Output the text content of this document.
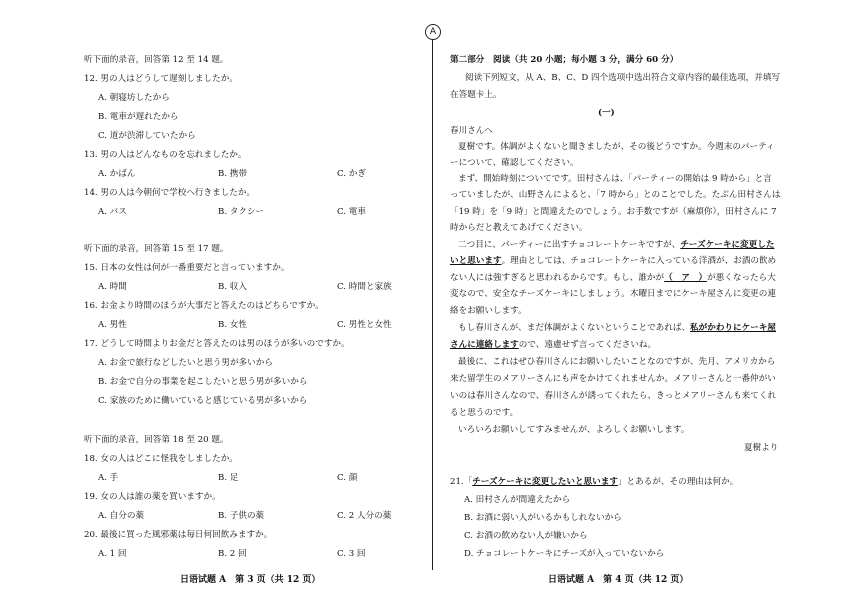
听下面的录音，回答第 12 至 14 题。
12. 男の人はどうして遅刻しましたか。
A. 朝寝坊したから
B. 電車が遅れたから
C. 道が渋滞していたから
13. 男の人はどんなものを忘れましたか。
A. かばん	B. 携帯	C. かぎ
14. 男の人は今朝何で学校へ行きましたか。
A. バス	B. タクシー	C. 電車
听下面的录音，回答第 15 至 17 题。
15. 日本の女性は何が一番重要だと言っていますか。
A. 時間	B. 収入	C. 時間と家族
16. お金より時間のほうが大事だと答えたのはどちらですか。
A. 男性	B. 女性	C. 男性と女性
17. どうして時間よりお金だと答えたのは男のほうが多いのですか。
A. お金で旅行などしたいと思う男が多いから
B. お金で自分の事業を起こしたいと思う男が多いから
C. 家族のために働いていると感じている男が多いから
听下面的录音，回答第 18 至 20 题。
18. 女の人はどこに怪我をしましたか。
A. 手	B. 足	C. 顔
19. 女の人は誰の薬を買いますか。
A. 自分の薬	B. 子供の薬	C. 2 人分の薬
20. 最後に買った風邪薬は毎日何回飲みますか。
A. 1 回	B. 2 回	C. 3 回
日语试题 A　第 3 页（共 12 页）
A
第二部分　阅读（共 20 小题；每小题 3 分，满分 60 分）
阅读下列短文，从 A、B、C、D 四个选项中选出符合文章内容的最佳选项，并填写
在答题卡上。
(一)
春川さんへ
夏樹です。体調がよくないと聞きましたが、その後どうですか。今週末のパーティ
ーについて、確認してください。
まず、開始時刻についてです。田村さんは、「パーティーの開始は 9 時から」と言
っていましたが、山野さんによると、「7 時から」とのことでした。たぶん田村さんは
「19 時」を「9 時」と間違えたのでしょう。お手数ですが（麻煩你），田村さんに 7
時からだと教えてあげてください。
二つ目に、パーティーに出すチョコレートケーキですが、チーズケーキに変更した
いと思います。理由としては、チョコレートケーキに入っている洋酒が、お酒の飲め
ない人には強すぎると思われるからです。もし、誰かが（　ア　）が悪くなったら大
変なので、安全なチーズケーキにしましょう。木曜日までにケーキ屋さんに変更の連
絡をお願いします。
もし春川さんが、まだ体調がよくないということであれば、私がかわりにケーキ屋
さんに連絡しますので、遠慮せず言ってくださいね。
最後に、これはぜひ春川さんにお願いしたいことなのですが、先月、アメリカから
来た留学生のメアリーさんにも声をかけてくれませんか。メアリーさんと一番仲がい
いのは春川さんなので、春川さんが誘ってくれたら、きっとメアリーさんも来てくれ
ると思うのです。
いろいろお願いしてすみませんが、よろしくお願いします。
夏樹より
21.「チーズケーキに変更したいと思います」とあるが、その理由は何か。
A. 田村さんが間違えたから
B. お酒に弱い人がいるかもしれないから
C. お酒の飲めない人が嫌いから
D. チョコレートケーキにチーズが入っていないから
日语试题 A　第 4 页（共 12 页）
